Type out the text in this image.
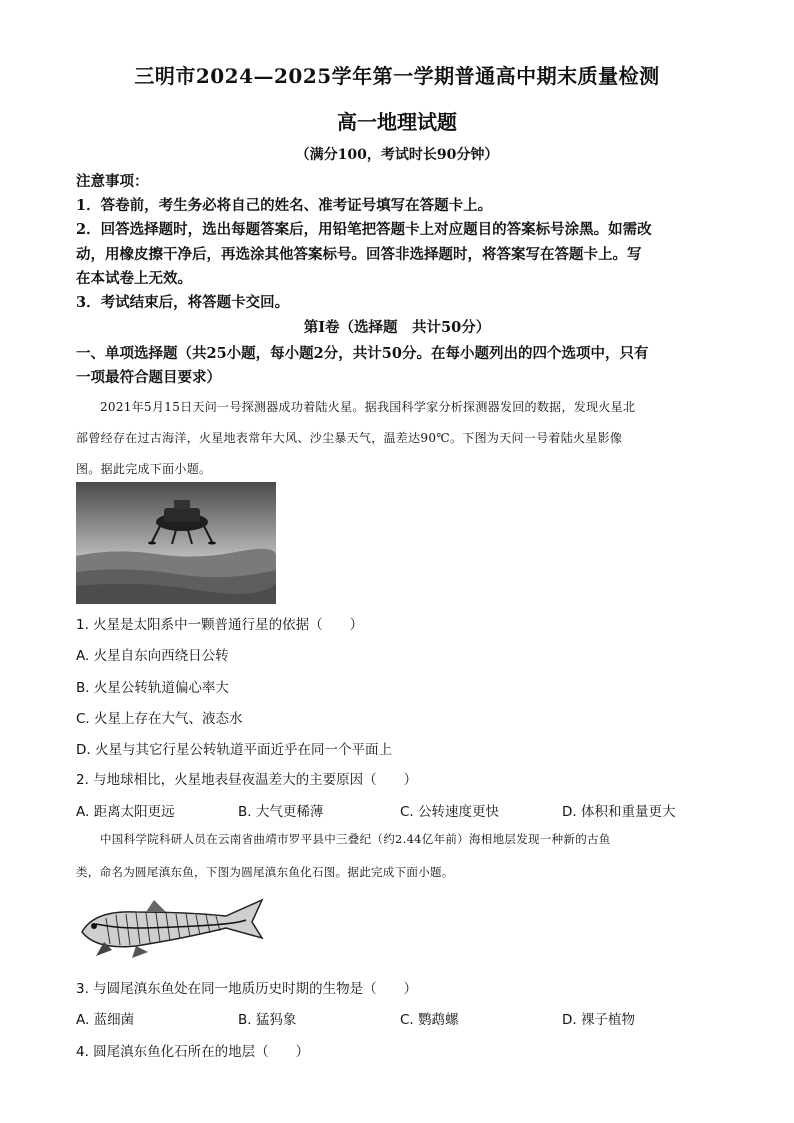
三明市2024—2025学年第一学期普通高中期末质量检测
高一地理试题
（满分100，考试时长90分钟）
注意事项：
1．答卷前，考生务必将自己的姓名、准考证号填写在答题卡上。
2．回答选择题时，选出每题答案后，用铅笔把答题卡上对应题目的答案标号涂黑。如需改
动，用橡皮擦干净后，再选涂其他答案标号。回答非选择题时，将答案写在答题卡上。写
在本试卷上无效。
3．考试结束后，将答题卡交回。
第Ⅰ卷（选择题　共计50分）
一、单项选择题（共25小题，每小题2分，共计50分。在每小题列出的四个选项中，只有
一项最符合题目要求）
2021年5月15日天问一号探测器成功着陆火星。据我国科学家分析探测器发回的数据，发现火星北
部曾经存在过古海洋，火星地表常年大风、沙尘暴天气，温差达90℃。下图为天问一号着陆火星影像
图。据此完成下面小题。
1. 火星是太阳系中一颗普通行星的依据（　　）
A. 火星自东向西绕日公转
B. 火星公转轨道偏心率大
C. 火星上存在大气、液态水
D. 火星与其它行星公转轨道平面近乎在同一个平面上
2. 与地球相比，火星地表昼夜温差大的主要原因（　　）
A. 距离太阳更远	B. 大气更稀薄	C. 公转速度更快	D. 体积和重量更大
中国科学院科研人员在云南省曲靖市罗平县中三叠纪（约2.44亿年前）海相地层发现一种新的古鱼
类，命名为圆尾滇东鱼，下图为圆尾滇东鱼化石图。据此完成下面小题。
3. 与圆尾滇东鱼处在同一地质历史时期的生物是（　　）
A. 蓝细菌	B. 猛犸象	C. 鹦鹉螺	D. 裸子植物
4. 圆尾滇东鱼化石所在的地层（　　）
